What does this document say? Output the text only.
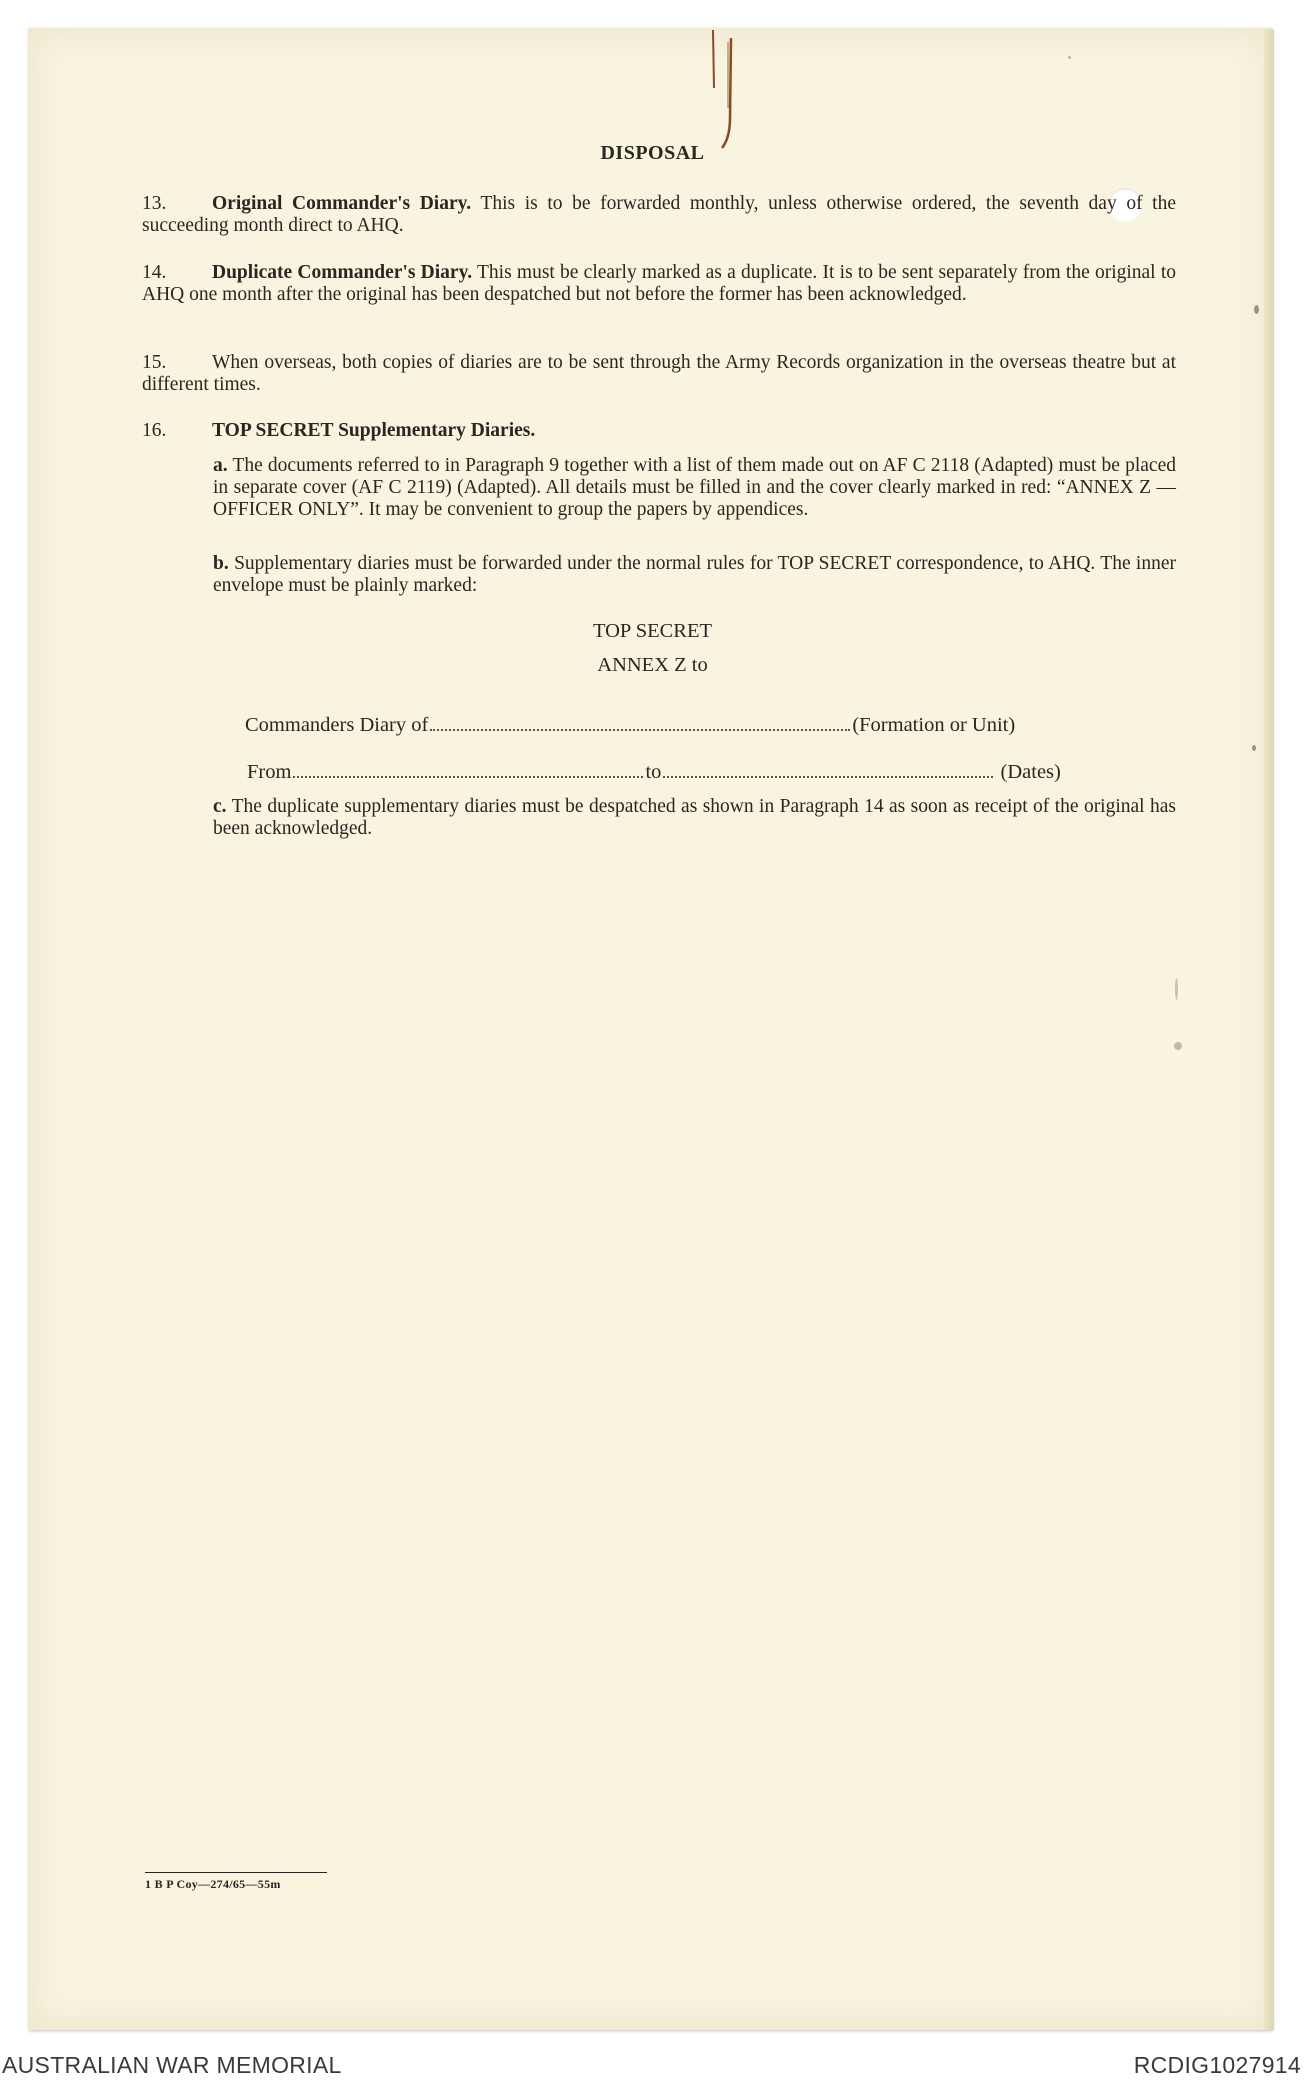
DISPOSAL
13. Original Commander's Diary. This is to be forwarded monthly, unless otherwise ordered, the seventh day of the succeeding month direct to AHQ.
14. Duplicate Commander's Diary. This must be clearly marked as a duplicate. It is to be sent separately from the original to AHQ one month after the original has been despatched but not before the former has been acknowledged.
15. When overseas, both copies of diaries are to be sent through the Army Records organization in the overseas theatre but at different times.
16. TOP SECRET Supplementary Diaries.
a. The documents referred to in Paragraph 9 together with a list of them made out on AF C 2118 (Adapted) must be placed in separate cover (AF C 2119) (Adapted). All details must be filled in and the cover clearly marked in red: “ANNEX Z — OFFICER ONLY”. It may be convenient to group the papers by appendices.
b. Supplementary diaries must be forwarded under the normal rules for TOP SECRET correspondence, to AHQ. The inner envelope must be plainly marked:
TOP SECRET
ANNEX Z to
Commanders Diary of	(Formation or Unit)
From	to	(Dates)
c. The duplicate supplementary diaries must be despatched as shown in Paragraph 14 as soon as receipt of the original has been acknowledged.
1 B P Coy—274/65—55m
AUSTRALIAN WAR MEMORIAL	RCDIG1027914
